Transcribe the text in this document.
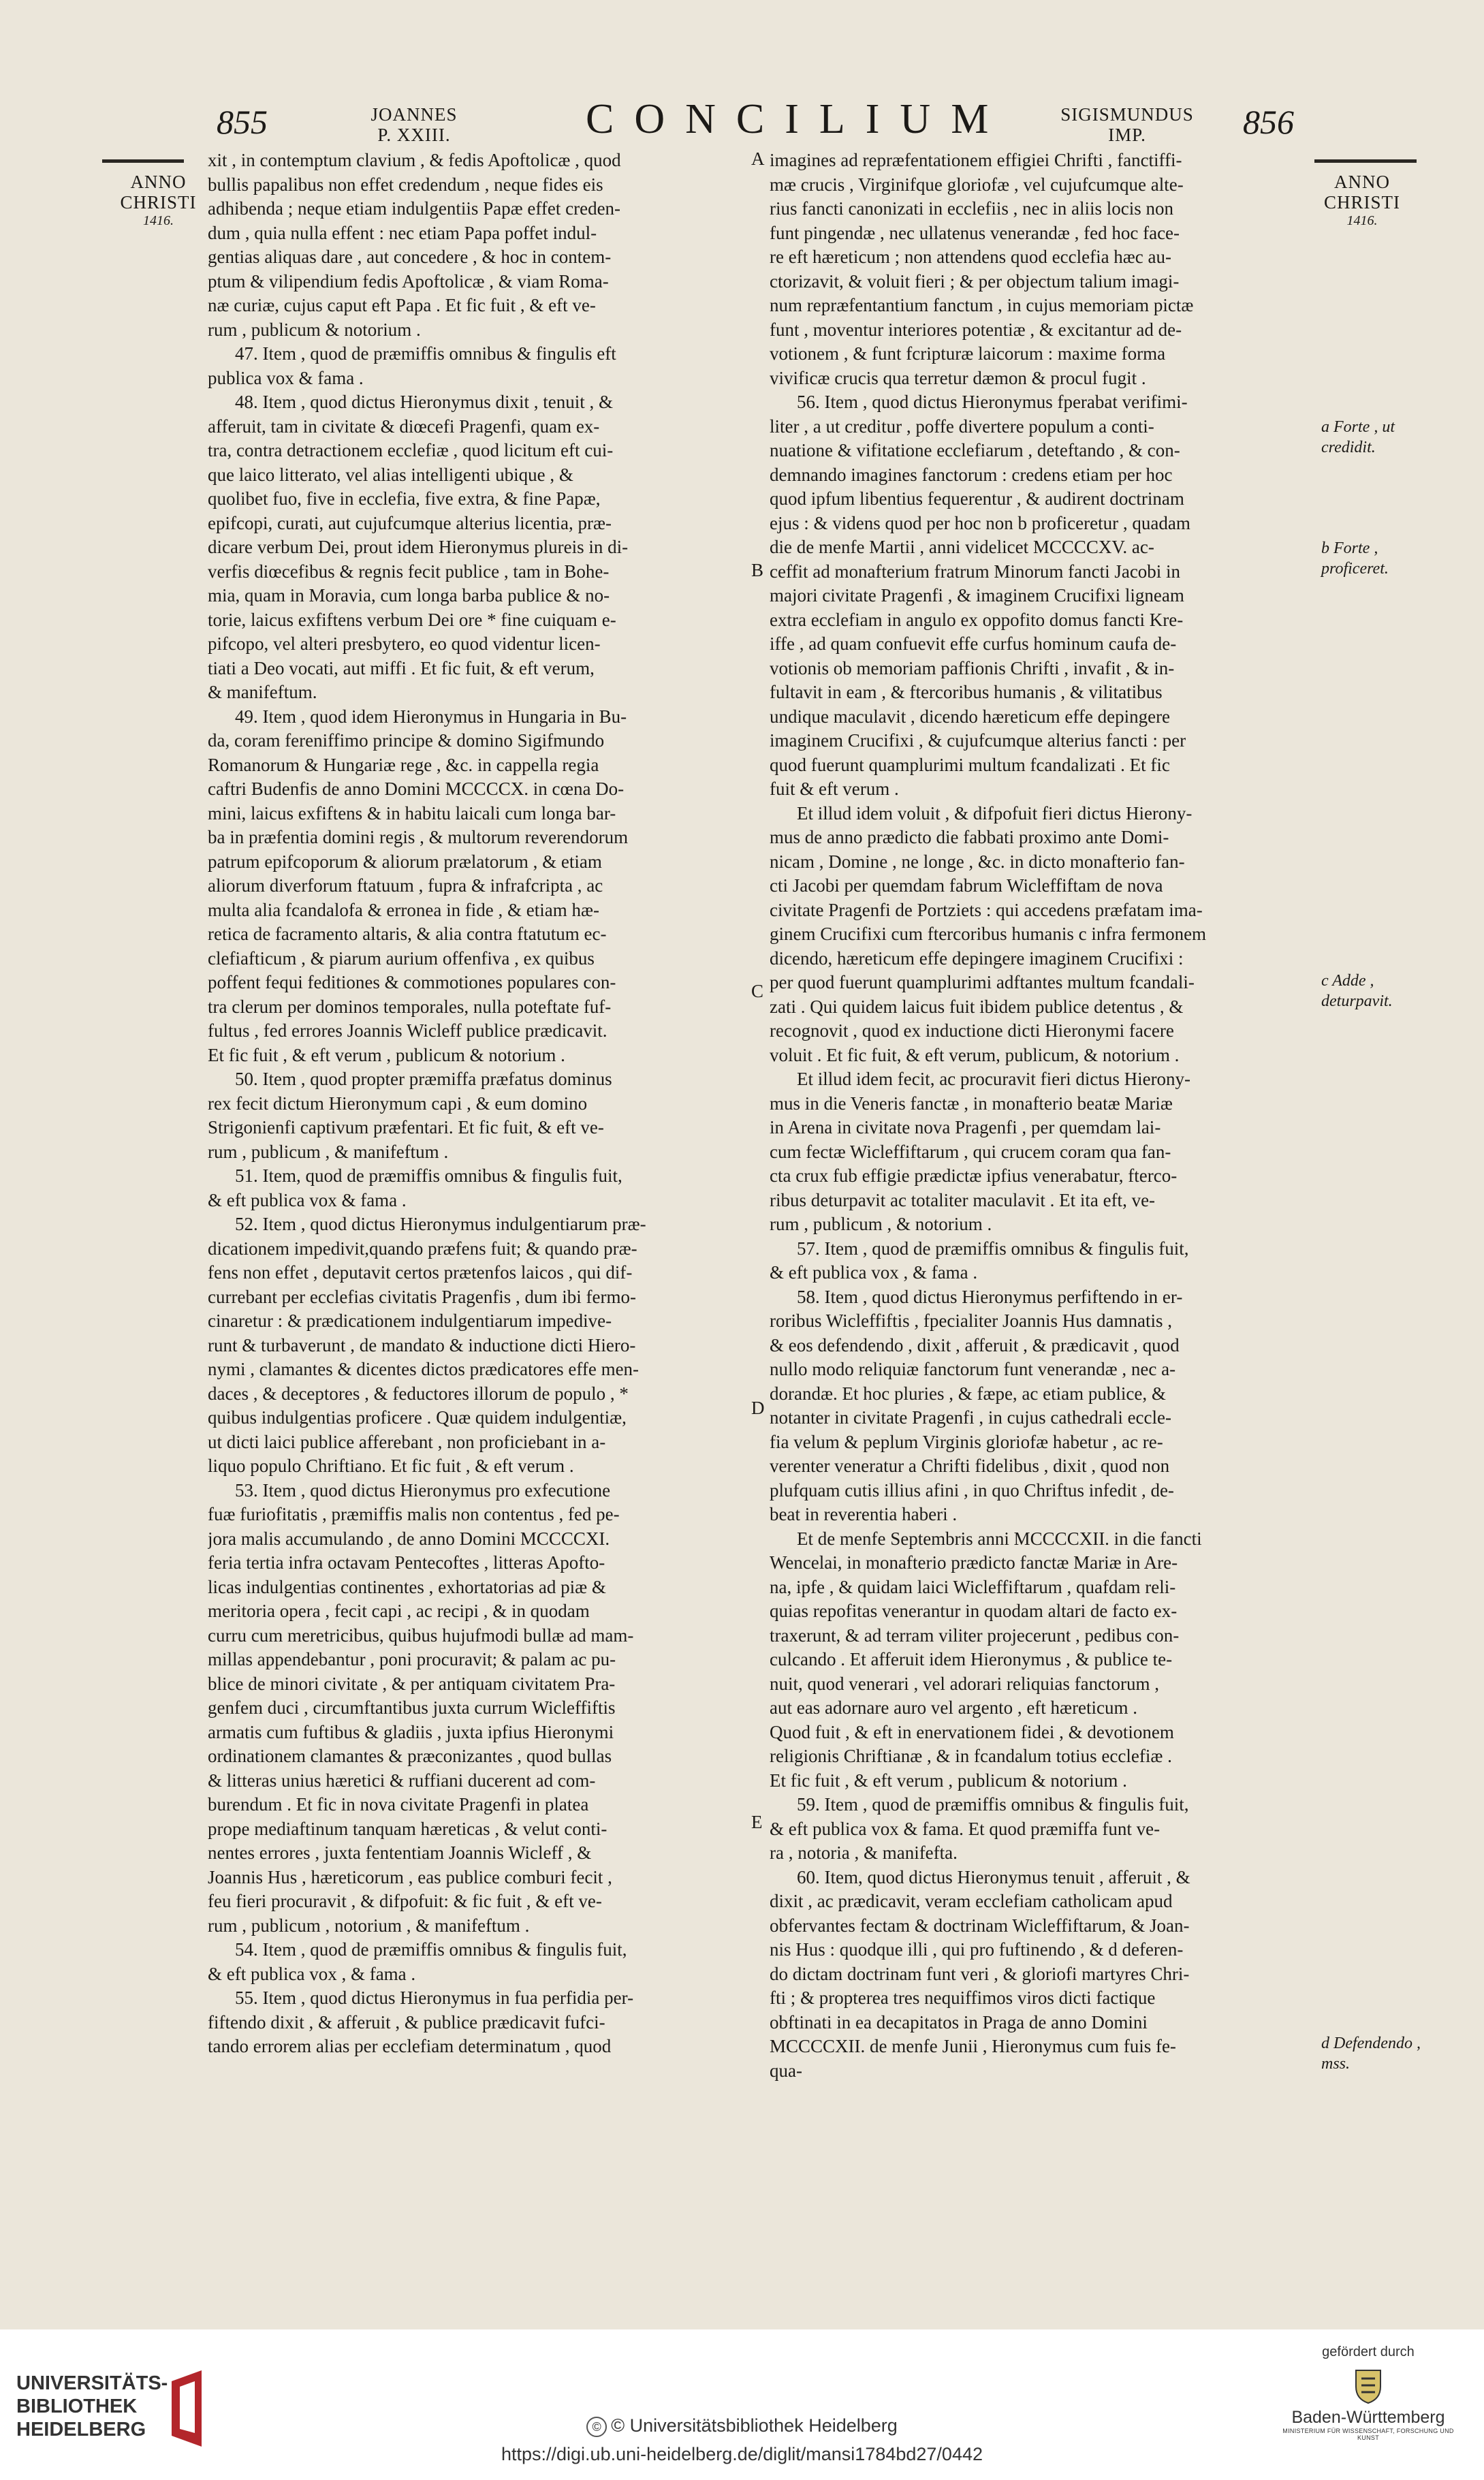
855	JOANNES
P. XXIII.	CONCILIUM	SIGISMUNDUS
IMP.	856
ANNO
CHRISTI
1416.
ANNO
CHRISTI
1416.
A
B
C
D
E
a Forte , ut credidit.
b Forte , proficeret.
c Adde , deturpavit.
d Defendendo , mss.

xit , in contemptum clavium , & fedis Apoftolicæ , quod
bullis papalibus non effet credendum , neque fides eis
adhibenda ; neque etiam indulgentiis Papæ effet creden-
dum , quia nulla effent : nec etiam Papa poffet indul-
gentias aliquas dare , aut concedere , & hoc in contem-
ptum & vilipendium fedis Apoftolicæ , & viam Roma-
næ curiæ, cujus caput eft Papa . Et fic fuit , & eft ve-
rum , publicum & notorium .

47. Item , quod de præmiffis omnibus & fingulis eft
publica vox & fama .

48. Item , quod dictus Hieronymus dixit , tenuit , &
afferuit, tam in civitate & diœcefi Pragenfi, quam ex-
tra, contra detractionem ecclefiæ , quod licitum eft cui-
que laico litterato, vel alias intelligenti ubique , &
quolibet fuo, five in ecclefia, five extra, & fine Papæ,
epifcopi, curati, aut cujufcumque alterius licentia, præ-
dicare verbum Dei, prout idem Hieronymus plureis in di-
verfis diœcefibus & regnis fecit publice , tam in Bohe-
mia, quam in Moravia, cum longa barba publice & no-
torie, laicus exfiftens verbum Dei ore * fine cuiquam e-
pifcopo, vel alteri presbytero, eo quod videntur licen-
tiati a Deo vocati, aut miffi . Et fic fuit, & eft verum,
& manifeftum.

49. Item , quod idem Hieronymus in Hungaria in Bu-
da, coram fereniffimo principe & domino Sigifmundo
Romanorum & Hungariæ rege , &c. in cappella regia
caftri Budenfis de anno Domini MCCCCX. in cœna Do-
mini, laicus exfiftens & in habitu laicali cum longa bar-
ba in præfentia domini regis , & multorum reverendorum
patrum epifcoporum & aliorum prælatorum , & etiam
aliorum diverforum ftatuum , fupra & infrafcripta , ac
multa alia fcandalofa & erronea in fide , & etiam hæ-
retica de facramento altaris, & alia contra ftatutum ec-
clefiafticum , & piarum aurium offenfiva , ex quibus
poffent fequi feditiones & commotiones populares con-
tra clerum per dominos temporales, nulla poteftate fuf-
fultus , fed errores Joannis Wicleff publice prædicavit.
Et fic fuit , & eft verum , publicum & notorium .

50. Item , quod propter præmiffa præfatus dominus
rex fecit dictum Hieronymum capi , & eum domino
Strigonienfi captivum præfentari. Et fic fuit, & eft ve-
rum , publicum , & manifeftum .

51. Item, quod de præmiffis omnibus & fingulis fuit,
& eft publica vox & fama .

52. Item , quod dictus Hieronymus indulgentiarum præ-
dicationem impedivit,quando præfens fuit; & quando præ-
fens non effet , deputavit certos prætenfos laicos , qui dif-
currebant per ecclefias civitatis Pragenfis , dum ibi fermo-
cinaretur : & prædicationem indulgentiarum impedive-
runt & turbaverunt , de mandato & inductione dicti Hiero-
nymi , clamantes & dicentes dictos prædicatores effe men-
daces , & deceptores , & feductores illorum de populo , *
quibus indulgentias proficere . Quæ quidem indulgentiæ,
ut dicti laici publice afferebant , non proficiebant in a-
liquo populo Chriftiano. Et fic fuit , & eft verum .

53. Item , quod dictus Hieronymus pro exfecutione
fuæ furiofitatis , præmiffis malis non contentus , fed pe-
jora malis accumulando , de anno Domini MCCCCXI.
feria tertia infra octavam Pentecoftes , litteras Apofto-
licas indulgentias continentes , exhortatorias ad piæ &
meritoria opera , fecit capi , ac recipi , & in quodam
curru cum meretricibus, quibus hujufmodi bullæ ad mam-
millas appendebantur , poni procuravit; & palam ac pu-
blice de minori civitate , & per antiquam civitatem Pra-
genfem duci , circumftantibus juxta currum Wicleffiftis
armatis cum fuftibus & gladiis , juxta ipfius Hieronymi
ordinationem clamantes & præconizantes , quod bullas
& litteras unius hæretici & ruffiani ducerent ad com-
burendum . Et fic in nova civitate Pragenfi in platea
prope mediaftinum tanquam hæreticas , & velut conti-
nentes errores , juxta fententiam Joannis Wicleff , &
Joannis Hus , hæreticorum , eas publice comburi fecit ,
feu fieri procuravit , & difpofuit: & fic fuit , & eft ve-
rum , publicum , notorium , & manifeftum .

54. Item , quod de præmiffis omnibus & fingulis fuit,
& eft publica vox , & fama .

55. Item , quod dictus Hieronymus in fua perfidia per-
fiftendo dixit , & afferuit , & publice prædicavit fufci-
tando errorem alias per ecclefiam determinatum , quod

imagines ad repræfentationem effigiei Chrifti , fanctiffi-
mæ crucis , Virginifque gloriofæ , vel cujufcumque alte-
rius fancti canonizati in ecclefiis , nec in aliis locis non
funt pingendæ , nec ullatenus venerandæ , fed hoc face-
re eft hæreticum ; non attendens quod ecclefia hæc au-
ctorizavit, & voluit fieri ; & per objectum talium imagi-
num repræfentantium fanctum , in cujus memoriam pictæ
funt , moventur interiores potentiæ , & excitantur ad de-
votionem , & funt fcripturæ laicorum : maxime forma
vivificæ crucis qua terretur dæmon & procul fugit .

56. Item , quod dictus Hieronymus fperabat verifimi-
liter , a ut creditur , poffe divertere populum a conti-
nuatione & vifitatione ecclefiarum , deteftando , & con-
demnando imagines fanctorum : credens etiam per hoc
quod ipfum libentius fequerentur , & audirent doctrinam
ejus : & videns quod per hoc non b proficeretur , quadam
die de menfe Martii , anni videlicet MCCCCXV. ac-
ceffit ad monafterium fratrum Minorum fancti Jacobi in
majori civitate Pragenfi , & imaginem Crucifixi ligneam
extra ecclefiam in angulo ex oppofito domus fancti Kre-
iffe , ad quam confuevit effe curfus hominum caufa de-
votionis ob memoriam paffionis Chrifti , invafit , & in-
fultavit in eam , & ftercoribus humanis , & vilitatibus
undique maculavit , dicendo hæreticum effe depingere
imaginem Crucifixi , & cujufcumque alterius fancti : per
quod fuerunt quamplurimi multum fcandalizati . Et fic
fuit & eft verum .

Et illud idem voluit , & difpofuit fieri dictus Hierony-
mus de anno prædicto die fabbati proximo ante Domi-
nicam , Domine , ne longe , &c. in dicto monafterio fan-
cti Jacobi per quemdam fabrum Wicleffiftam de nova
civitate Pragenfi de Portziets : qui accedens præfatam ima-
ginem Crucifixi cum ftercoribus humanis c infra fermonem
dicendo, hæreticum effe depingere imaginem Crucifixi :
per quod fuerunt quamplurimi adftantes multum fcandali-
zati . Qui quidem laicus fuit ibidem publice detentus , &
recognovit , quod ex inductione dicti Hieronymi facere
voluit . Et fic fuit, & eft verum, publicum, & notorium .

Et illud idem fecit, ac procuravit fieri dictus Hierony-
mus in die Veneris fanctæ , in monafterio beatæ Mariæ
in Arena in civitate nova Pragenfi , per quemdam lai-
cum fectæ Wicleffiftarum , qui crucem coram qua fan-
cta crux fub effigie prædictæ ipfius venerabatur, fterco-
ribus deturpavit ac totaliter maculavit . Et ita eft, ve-
rum , publicum , & notorium .

57. Item , quod de præmiffis omnibus & fingulis fuit,
& eft publica vox , & fama .

58. Item , quod dictus Hieronymus perfiftendo in er-
roribus Wicleffiftis , fpecialiter Joannis Hus damnatis ,
& eos defendendo , dixit , afferuit , & prædicavit , quod
nullo modo reliquiæ fanctorum funt venerandæ , nec a-
dorandæ. Et hoc pluries , & fæpe, ac etiam publice, &
notanter in civitate Pragenfi , in cujus cathedrali eccle-
fia velum & peplum Virginis gloriofæ habetur , ac re-
verenter veneratur a Chrifti fidelibus , dixit , quod non
plufquam cutis illius afini , in quo Chriftus infedit , de-
beat in reverentia haberi .

Et de menfe Septembris anni MCCCCXII. in die fancti
Wencelai, in monafterio prædicto fanctæ Mariæ in Are-
na, ipfe , & quidam laici Wicleffiftarum , quafdam reli-
quias repofitas venerantur in quodam altari de facto ex-
traxerunt, & ad terram viliter projecerunt , pedibus con-
culcando . Et afferuit idem Hieronymus , & publice te-
nuit, quod venerari , vel adorari reliquias fanctorum ,
aut eas adornare auro vel argento , eft hæreticum .
Quod fuit , & eft in enervationem fidei , & devotionem
religionis Chriftianæ , & in fcandalum totius ecclefiæ .
Et fic fuit , & eft verum , publicum & notorium .

59. Item , quod de præmiffis omnibus & fingulis fuit,
& eft publica vox & fama. Et quod præmiffa funt ve-
ra , notoria , & manifefta.

60. Item, quod dictus Hieronymus tenuit , afferuit , &
dixit , ac prædicavit, veram ecclefiam catholicam apud
obfervantes fectam & doctrinam Wicleffiftarum, & Joan-
nis Hus : quodque illi , qui pro fuftinendo , & d deferen-
do dictam doctrinam funt veri , & gloriofi martyres Chri-
fti ; & propterea tres nequiffimos viros dicti factique
obftinati in ea decapitatos in Praga de anno Domini
MCCCCXII. de menfe Junii , Hieronymus cum fuis fe-
qua-

UNIVERSITÄTS-
BIBLIOTHEK
HEIDELBERG
gefördert durch
Baden-Württemberg
MINISTERIUM FÜR WISSENSCHAFT, FORSCHUNG UND KUNST
© © Universitätsbibliothek Heidelberg
https://digi.ub.uni-heidelberg.de/diglit/mansi1784bd27/0442
